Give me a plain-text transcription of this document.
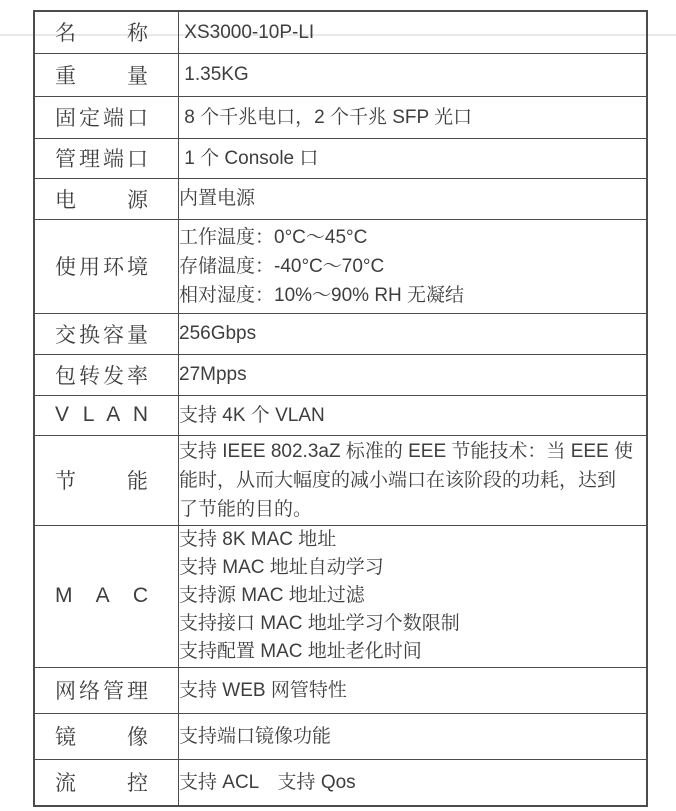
名 称	XS3000-10P-LI

重 量	1.35KG

固定端口	8 个千兆电口，2 个千兆 SFP 光口

管理端口	1 个 Console 口

电 源	内置电源

使用环境	工作温度：0°C～45°C
存储温度：-40°C～70°C
相对湿度：10%～90% RH 无凝结

交换容量	256Gbps

包转发率	27Mpps

V L A N	支持 4K 个 VLAN

节 能	支持 IEEE 802.3aZ 标准的 EEE 节能技术：当 EEE 使
能时，从而大幅度的减小端口在该阶段的功耗，达到
了节能的目的。

M A C	支持 8K MAC 地址
支持 MAC 地址自动学习
支持源 MAC 地址过滤
支持接口 MAC 地址学习个数限制
支持配置 MAC 地址老化时间

网络管理	支持 WEB 网管特性

镜 像	支持端口镜像功能

流 控	支持 ACL　支持 Qos
